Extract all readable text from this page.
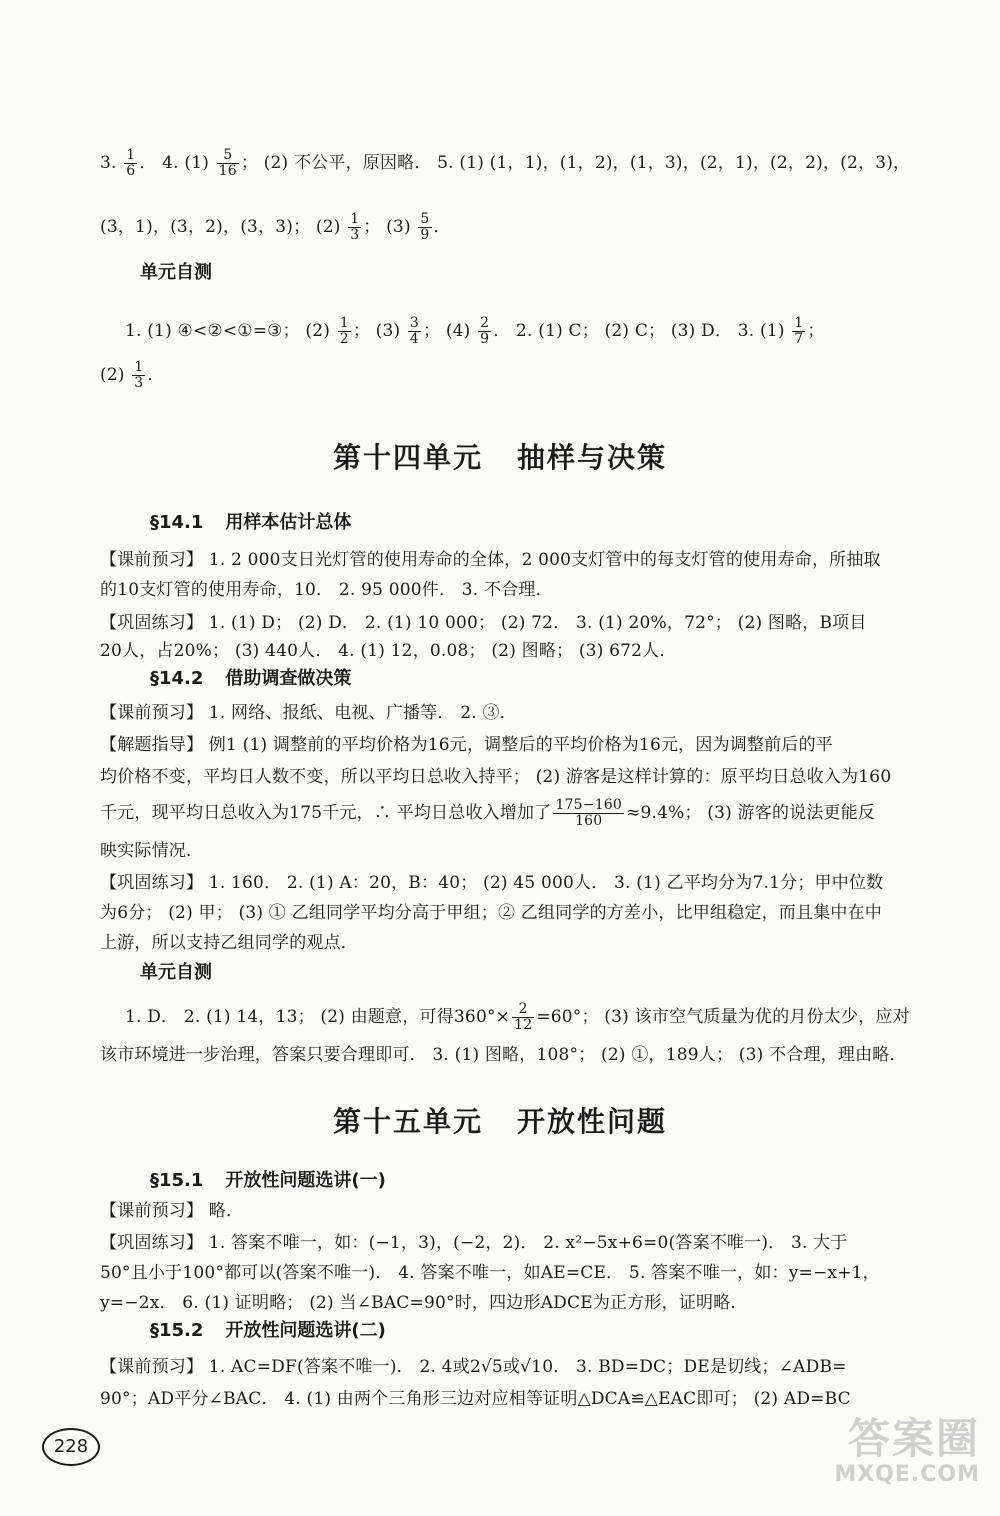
3. $\frac{1}{6}$ ． 4. $(1) \frac{5}{16}$ ； (2) 不公平，原因略． 5. (1) (1，1)，(1，2)，(1，3)，(2，1)，(2，2)，(2，3)，
(3，1)，(3，2)，(3，3)； $(2) \frac{1}{3}$ ； $(3) \frac{5}{9}$ ．
单元自测
1. (1) ④<②<①=③； $(2) \frac{1}{2}$ ； $(3) \frac{3}{4}$ ； $(4) \frac{2}{9}$ ． 2. (1) C； (2) C； (3) D． 3. $(1) \frac{1}{7}$ ；
$(2) \frac{1}{3}$ ．
第十四单元 抽样与决策
§14.1 用样本估计总体
【课前预习】 1. 2 000支日光灯管的使用寿命的全体，2 000支灯管中的每支灯管的使用寿命，所抽取
的10支灯管的使用寿命，10． 2. 95 000件． 3. 不合理．
【巩固练习】 1. (1) D； (2) D． 2. (1) 10 000； (2) 72． 3. (1) 20%，72°； (2) 图略，B项目
20人，占20%； (3) 440人． 4. (1) 12，0.08； (2) 图略； (3) 672人．
§14.2 借助调查做决策
【课前预习】 1. 网络、报纸、电视、广播等． 2. ③．
【解题指导】 例1 (1) 调整前的平均价格为16元，调整后的平均价格为16元，因为调整前后的平
均价格不变，平均日人数不变，所以平均日总收入持平； (2) 游客是这样计算的：原平均日总收入为160
千元，现平均日总收入为175千元，∴ 平均日总收入增加了 $\frac{175-160}{160} \approx 9.4\%$； (3) 游客的说法更能反
映实际情况．
【巩固练习】 1. 160． 2. (1) A：20，B：40； (2) 45 000人． 3. (1) 乙平均分为7.1分；甲中位数
为6分； (2) 甲； (3) ① 乙组同学平均分高于甲组；② 乙组同学的方差小，比甲组稳定，而且集中在中
上游，所以支持乙组同学的观点．
单元自测
1. D． 2. (1) 14，13； (2) 由题意，可得$360^\circ\times \frac{2}{12} =60^\circ$； (3) 该市空气质量为优的月份太少，应对
该市环境进一步治理，答案只要合理即可． 3. (1) 图略，108°； (2) ①，189人； (3) 不合理，理由略．
第十五单元 开放性问题
§15.1 开放性问题选讲(一)
【课前预习】 略．
【巩固练习】 1. 答案不唯一，如：(−1，3)，(−2，2)． 2. x²−5x+6=0(答案不唯一)． 3. 大于
50°且小于100°都可以(答案不唯一)． 4. 答案不唯一，如AE=CE． 5. 答案不唯一，如：y=−x+1，
y=−2x． 6. (1) 证明略； (2) 当∠BAC=90°时，四边形ADCE为正方形，证明略．
§15.2 开放性问题选讲(二)
【课前预习】 1. AC=DF(答案不唯一)． 2. 4或2√5或√10． 3. BD=DC；DE是切线；∠ADB=
90°；AD平分∠BAC． 4. (1) 由两个三角形三边对应相等证明△DCA≌△EAC即可； (2) AD=BC
228	答案圈
MXQE.COM
